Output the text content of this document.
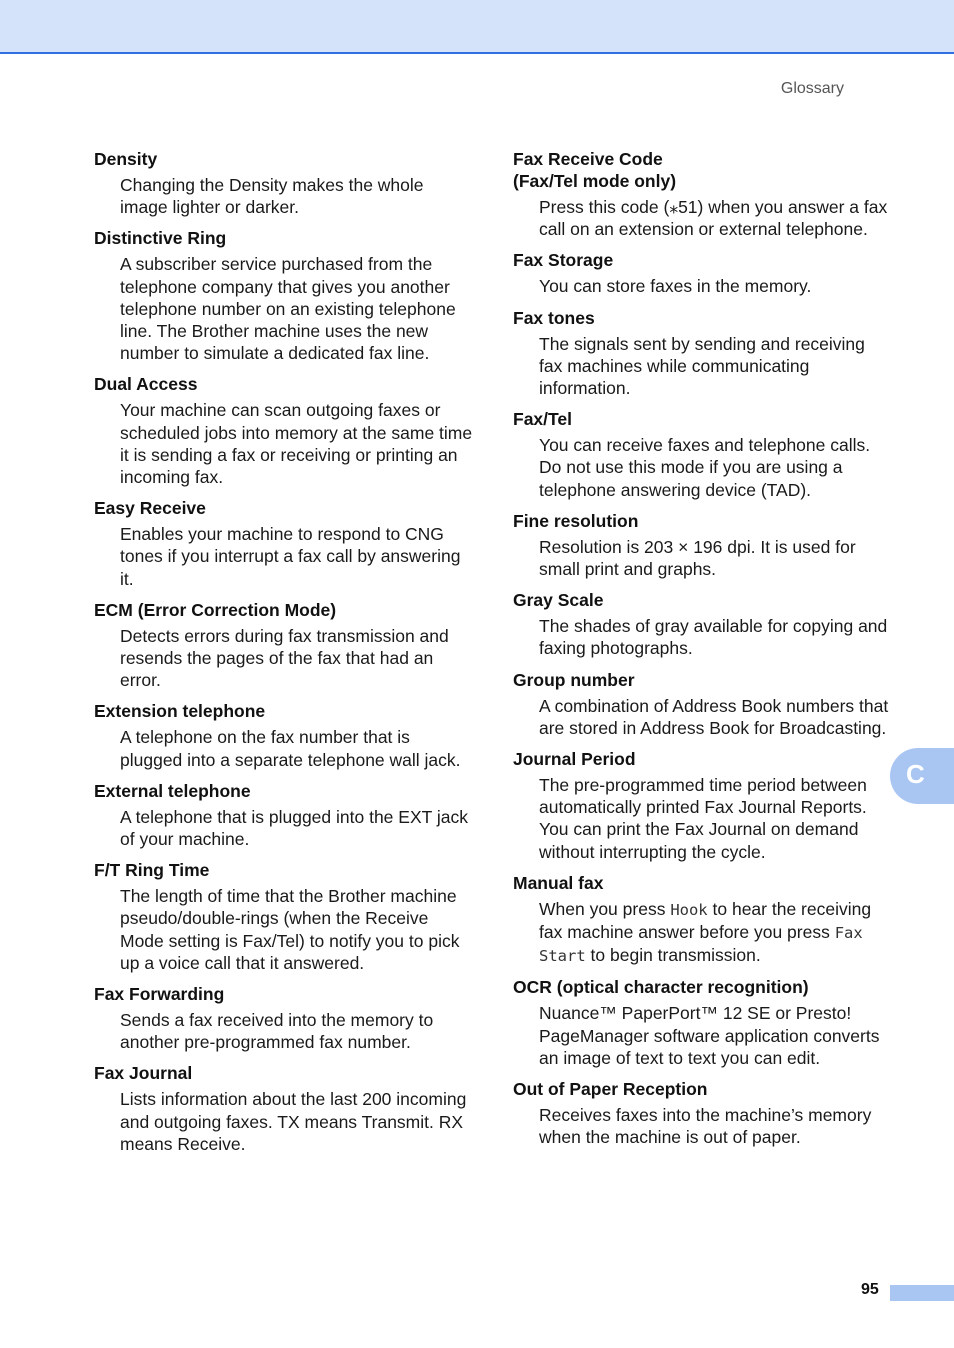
Glossary
Density
Changing the Density makes the whole image lighter or darker.
Distinctive Ring
A subscriber service purchased from the telephone company that gives you another telephone number on an existing telephone line. The Brother machine uses the new number to simulate a dedicated fax line.
Dual Access
Your machine can scan outgoing faxes or scheduled jobs into memory at the same time it is sending a fax or receiving or printing an incoming fax.
Easy Receive
Enables your machine to respond to CNG tones if you interrupt a fax call by answering it.
ECM (Error Correction Mode)
Detects errors during fax transmission and resends the pages of the fax that had an error.
Extension telephone
A telephone on the fax number that is plugged into a separate telephone wall jack.
External telephone
A telephone that is plugged into the EXT jack of your machine.
F/T Ring Time
The length of time that the Brother machine pseudo/double-rings (when the Receive Mode setting is Fax/Tel) to notify you to pick up a voice call that it answered.
Fax Forwarding
Sends a fax received into the memory to another pre-programmed fax number.
Fax Journal
Lists information about the last 200 incoming and outgoing faxes. TX means Transmit. RX means Receive.
Fax Receive Code
(Fax/Tel mode only)
Press this code (⁎51) when you answer a fax call on an extension or external telephone.
Fax Storage
You can store faxes in the memory.
Fax tones
The signals sent by sending and receiving fax machines while communicating information.
Fax/Tel
You can receive faxes and telephone calls. Do not use this mode if you are using a telephone answering device (TAD).
Fine resolution
Resolution is 203 × 196 dpi. It is used for small print and graphs.
Gray Scale
The shades of gray available for copying and faxing photographs.
Group number
A combination of Address Book numbers that are stored in Address Book for Broadcasting.
Journal Period
The pre-programmed time period between automatically printed Fax Journal Reports. You can print the Fax Journal on demand without interrupting the cycle.
Manual fax
When you press Hook to hear the receiving fax machine answer before you press Fax Start to begin transmission.
OCR (optical character recognition)
Nuance™ PaperPort™ 12 SE or Presto! PageManager software application converts an image of text to text you can edit.
Out of Paper Reception
Receives faxes into the machine’s memory when the machine is out of paper.
C
95
